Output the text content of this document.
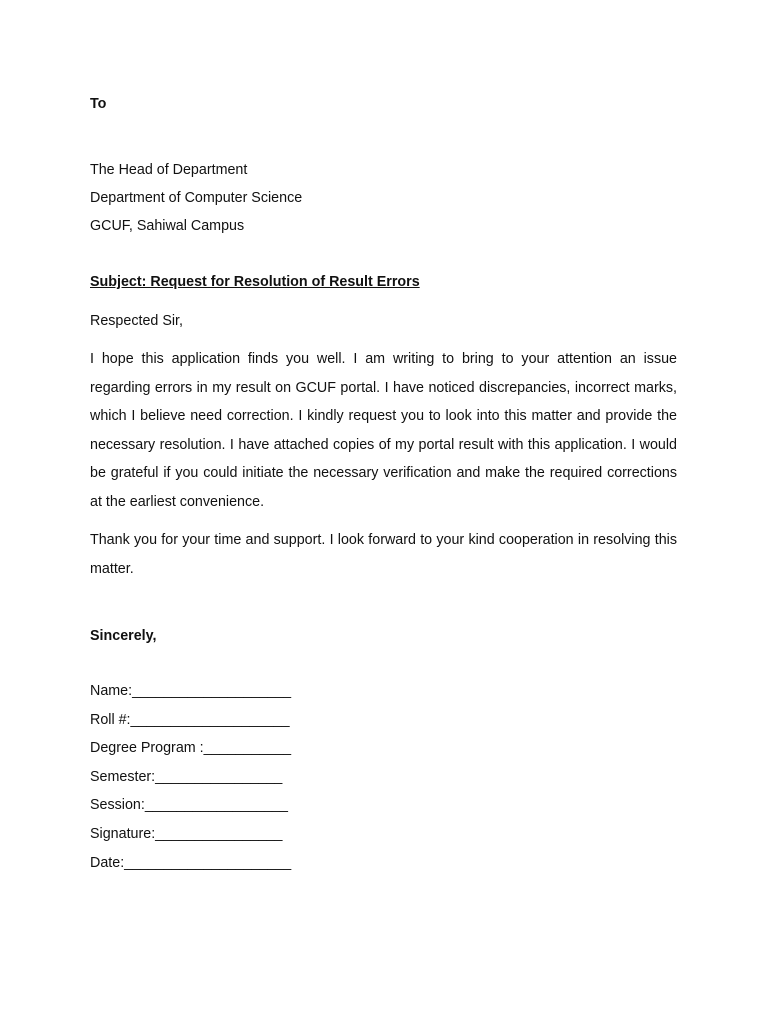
To
The Head of Department
Department of Computer Science
GCUF, Sahiwal Campus
Subject: Request for Resolution of Result Errors
Respected Sir,
I hope this application finds you well. I am writing to bring to your attention an issue regarding errors in my result on GCUF portal. I have noticed discrepancies, incorrect marks, which I believe need correction. I kindly request you to look into this matter and provide the necessary resolution. I have attached copies of my portal result with this application. I would be grateful if you could initiate the necessary verification and make the required corrections at the earliest convenience.
Thank you for your time and support. I look forward to your kind cooperation in resolving this matter.
Sincerely,
Name:____________________
Roll #:____________________
Degree Program :___________
Semester:________________
Session:__________________
Signature:________________
Date:_____________________
